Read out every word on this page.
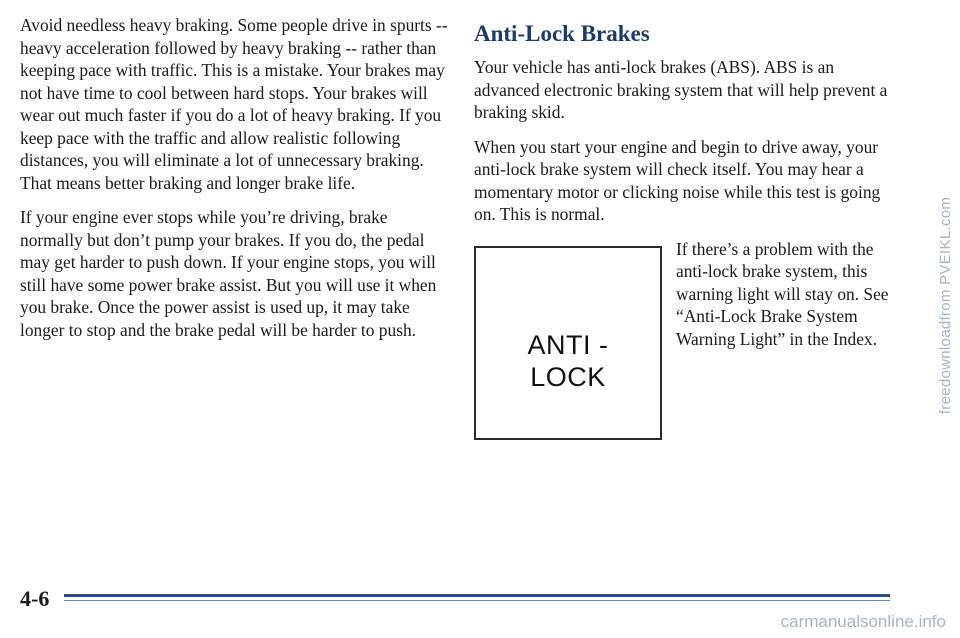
Avoid needless heavy braking. Some people drive in spurts -- heavy acceleration followed by heavy braking -- rather than keeping pace with traffic. This is a mistake. Your brakes may not have time to cool between hard stops. Your brakes will wear out much faster if you do a lot of heavy braking. If you keep pace with the traffic and allow realistic following distances, you will eliminate a lot of unnecessary braking. That means better braking and longer brake life.

If your engine ever stops while you’re driving, brake normally but don’t pump your brakes. If you do, the pedal may get harder to push down. If your engine stops, you will still have some power brake assist. But you will use it when you brake. Once the power assist is used up, it may take longer to stop and the brake pedal will be harder to push.

Anti-Lock Brakes

Your vehicle has anti-lock brakes (ABS). ABS is an advanced electronic braking system that will help prevent a braking skid.

When you start your engine and begin to drive away, your anti-lock brake system will check itself. You may hear a momentary motor or clicking noise while this test is going on. This is normal.

ANTI -
LOCK

If there’s a problem with the anti-lock brake system, this warning light will stay on. See “Anti-Lock Brake System Warning Light” in the Index.

4-6
freedownloadfrom PVEIKL.com
carmanualsonline.info
